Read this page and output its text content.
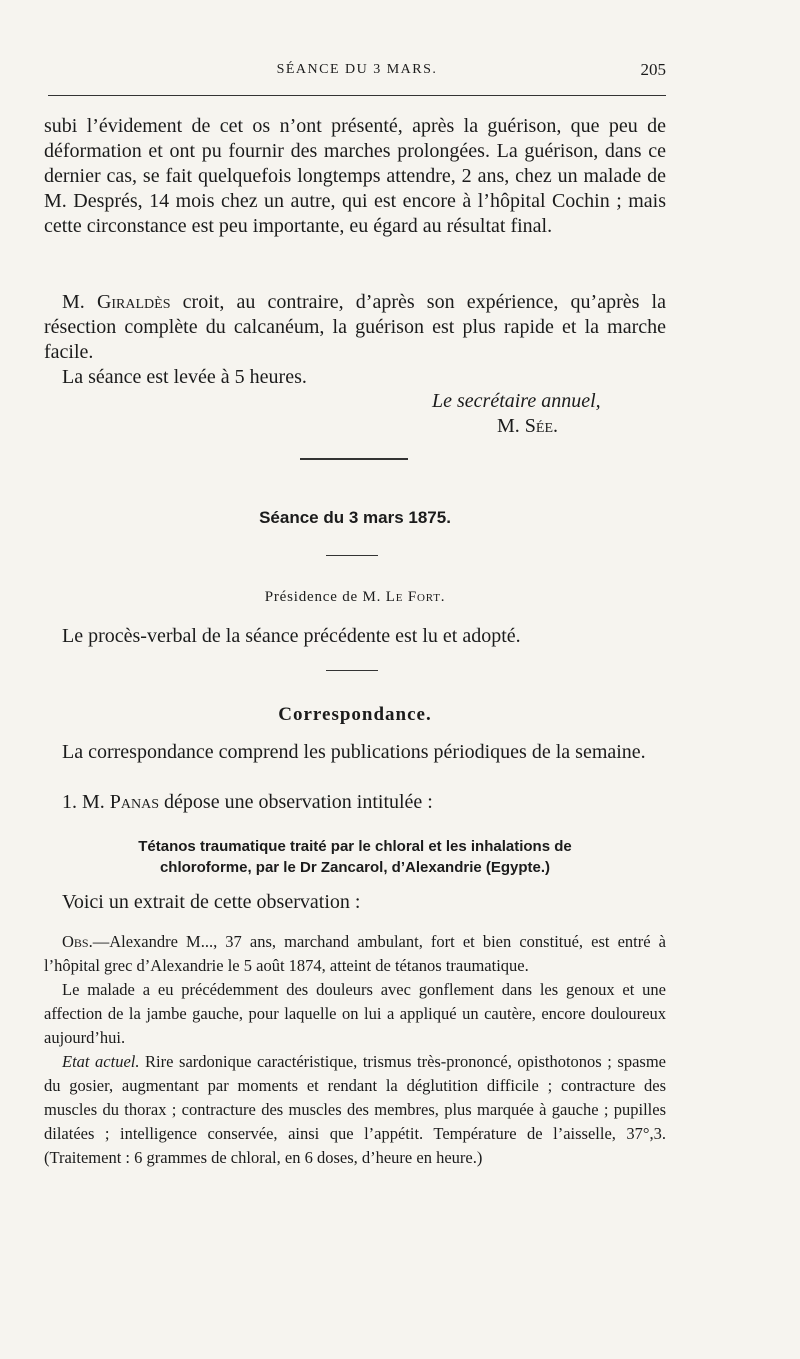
SÉANCE DU 3 MARS.	205
subi l’évidement de cet os n’ont présenté, après la guérison, que peu de déformation et ont pu fournir des marches prolongées. La guérison, dans ce dernier cas, se fait quelquefois longtemps attendre, 2 ans, chez un malade de M. Després, 14 mois chez un autre, qui est encore à l’hôpital Cochin ; mais cette circonstance est peu importante, eu égard au résultat final.
M. Giraldès croit, au contraire, d’après son expérience, qu’après la résection complète du calcanéum, la guérison est plus rapide et la marche facile.
La séance est levée à 5 heures.
Le secrétaire annuel,
M. Sée.
Séance du 3 mars 1875.
Présidence de M. Le Fort.
Le procès-verbal de la séance précédente est lu et adopté.
Correspondance.
La correspondance comprend les publications périodiques de la semaine.
1. M. Panas dépose une observation intitulée :
Tétanos traumatique traité par le chloral et les inhalations de
chloroforme, par le Dr Zancarol, d’Alexandrie (Egypte.)
Voici un extrait de cette observation :
Obs.—Alexandre M..., 37 ans, marchand ambulant, fort et bien constitué, est entré à l’hôpital grec d’Alexandrie le 5 août 1874, atteint de tétanos traumatique.
Le malade a eu précédemment des douleurs avec gonflement dans les genoux et une affection de la jambe gauche, pour laquelle on lui a appliqué un cautère, encore douloureux aujourd’hui.
Etat actuel. Rire sardonique caractéristique, trismus très-prononcé, opisthotonos ; spasme du gosier, augmentant par moments et rendant la déglutition difficile ; contracture des muscles du thorax ; contracture des muscles des membres, plus marquée à gauche ; pupilles dilatées ; intelligence conservée, ainsi que l’appétit. Température de l’aisselle, 37°,3. (Traitement : 6 grammes de chloral, en 6 doses, d’heure en heure.)
